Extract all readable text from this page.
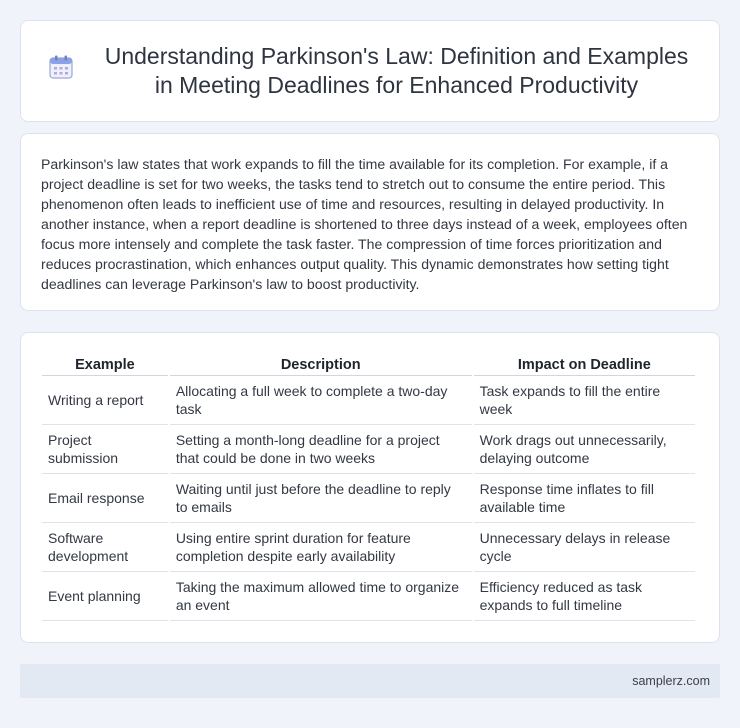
Understanding Parkinson's Law: Definition and Examples in Meeting Deadlines for Enhanced Productivity

Parkinson's law states that work expands to fill the time available for its completion. For example, if a project deadline is set for two weeks, the tasks tend to stretch out to consume the entire period. This phenomenon often leads to inefficient use of time and resources, resulting in delayed productivity. In another instance, when a report deadline is shortened to three days instead of a week, employees often focus more intensely and complete the task faster. The compression of time forces prioritization and reduces procrastination, which enhances output quality. This dynamic demonstrates how setting tight deadlines can leverage Parkinson's law to boost productivity.

Example	Description	Impact on Deadline
Writing a report	Allocating a full week to complete a two-day task	Task expands to fill the entire week
Project submission	Setting a month-long deadline for a project that could be done in two weeks	Work drags out unnecessarily, delaying outcome
Email response	Waiting until just before the deadline to reply to emails	Response time inflates to fill available time
Software development	Using entire sprint duration for feature completion despite early availability	Unnecessary delays in release cycle
Event planning	Taking the maximum allowed time to organize an event	Efficiency reduced as task expands to full timeline
samplerz.com
